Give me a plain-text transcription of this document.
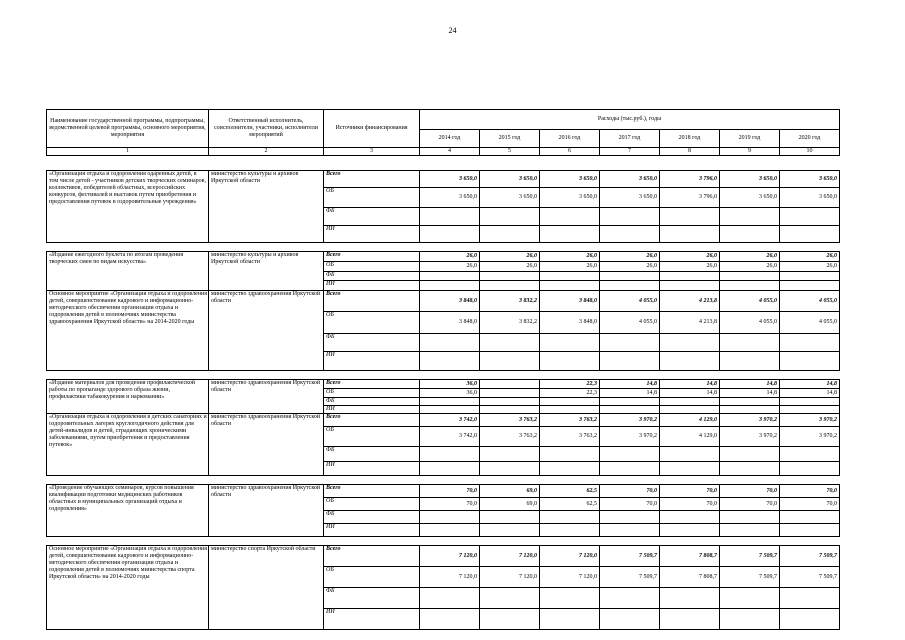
24
Наименование государственной программы, подпрограммы, ведомственной целевой программы, основного мероприятия, мероприятия	Ответственный исполнитель, соисполнители, участники, исполнители мероприятий	Источники финансирования	Расходы (тыс.руб.), годы						
			2014 год	2015 год	2016 год	2017 год	2018 год	2019 год	2020 год
1	2	3	4	5	6	7	8	9	10

«Организация отдыха и оздоровления одаренных детей, в том числе детей - участников детских творческих семинаров, коллективов, победителей областных, всероссийских конкурсов, фестивалей и выставок путем приобретения и предоставления путевок в оздоровительные учреждения»	министерство культуры и архивов Иркутской области	Всего	3 650,0	3 650,0	3 650,0	3 650,0	3 796,0	3 650,0	3 650,0
		ОБ	3 650,0	3 650,0	3 650,0	3 650,0	3 796,0	3 650,0	3 650,0
		ФБ							
		ИИ							

«Издание ежегодного буклета по итогам проведения творческих смен по видам искусства»	министерство культуры и архивов Иркутской области	Всего	26,0	26,0	26,0	26,0	26,0	26,0	26,0
		ОБ	26,0	26,0	26,0	26,0	26,0	26,0	26,0
		ФБ							
		ИИ							
Основное мероприятие «Организация отдыха и оздоровления детей, совершенствование кадрового и информационно-методического обеспечения организации отдыха и оздоровления детей в полномочиях министерства здравоохранения Иркутской области» на 2014-2020 годы	министерство здравоохранения Иркутской области	Всего	3 848,0	3 832,2	3 848,0	4 055,0	4 213,8	4 055,0	4 055,0
		ОБ	3 848,0	3 832,2	3 848,0	4 055,0	4 213,8	4 055,0	4 055,0
		ФБ							
		ИИ							

«Издание материалов для проведения профилактической работы по пропаганде здорового образа жизни, профилактики табакокурения и наркомании»	министерство здравоохранения Иркутской области	Всего	36,0		22,3	14,8	14,8	14,8	14,8
		ОБ	36,0		22,3	14,8	14,8	14,8	14,8
		ФБ							
		ИИ							
«Организация отдыха и оздоровления в детских санаториях и оздоровительных лагерях круглогодичного действия для детей-инвалидов и детей, страдающих хроническими заболеваниями, путем приобретения и предоставления путевок»	министерство здравоохранения Иркутской области	Всего	3 742,0	3 763,2	3 763,2	3 970,2	4 129,0	3 970,2	3 970,2
		ОБ	3 742,0	3 763,2	3 763,2	3 970,2	4 129,0	3 970,2	3 970,2
		ФБ							
		ИИ							

«Проведение обучающих семинаров, курсов повышения квалификации подготовки медицинских работников областных и муниципальных организаций отдыха и оздоровления»	министерство здравоохранения Иркутской области	Всего	70,0	69,0	62,5	70,0	70,0	70,0	70,0
		ОБ	70,0	69,0	62,5	70,0	70,0	70,0	70,0
		ФБ							
		ИИ							

Основное мероприятие «Организация отдыха и оздоровления детей, совершенствование кадрового и информационно-методического обеспечения организации отдыха и оздоровления детей в полномочиях министерства спорта Иркутской области» на 2014-2020 годы	министерство спорта Иркутской области	Всего	7 120,0	7 120,0	7 120,0	7 509,7	7 808,7	7 509,7	7 509,7
		ОБ	7 120,0	7 120,0	7 120,0	7 509,7	7 808,7	7 509,7	7 509,7
		ФБ							
		ИИ							
